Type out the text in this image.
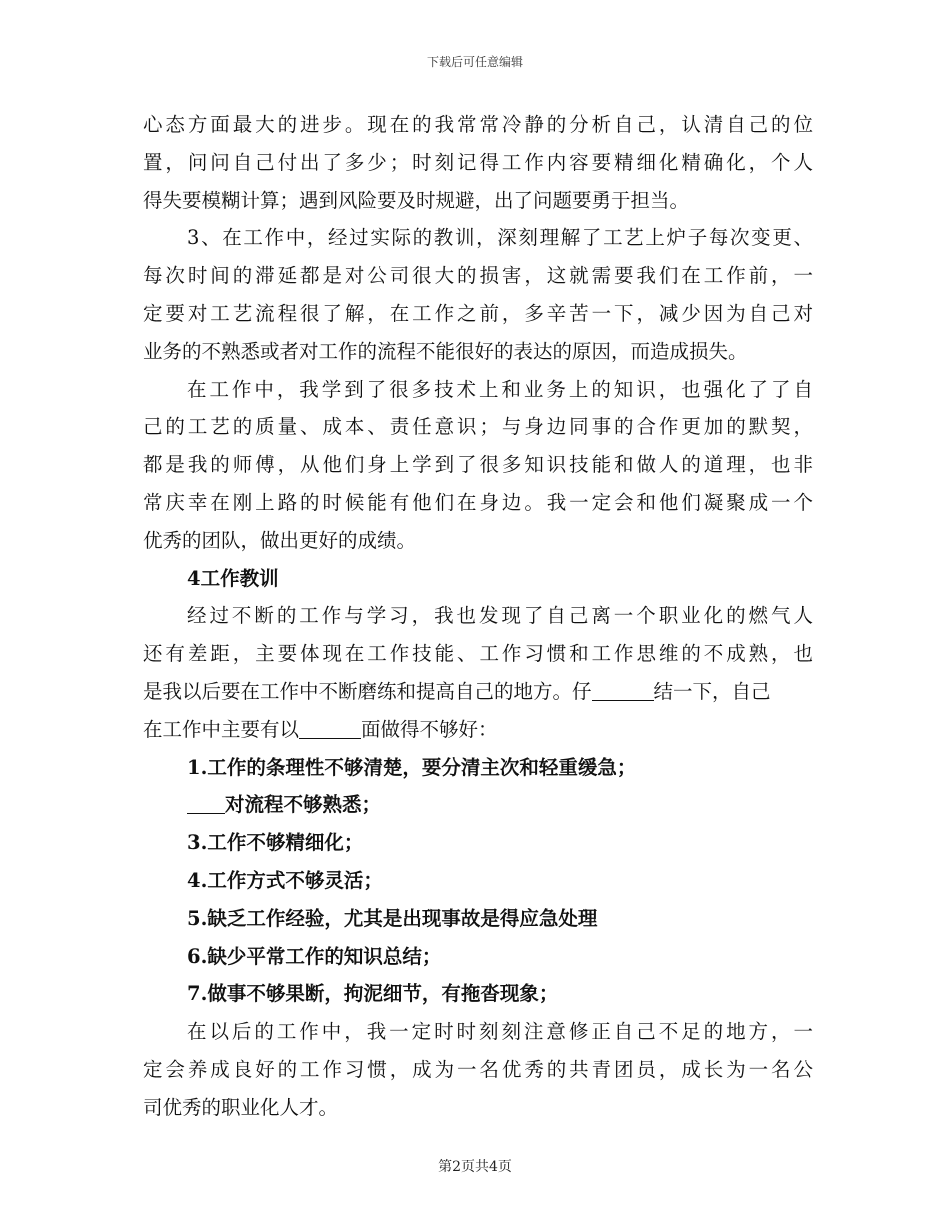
下载后可任意编辑
心态方面最大的进步。现在的我常常冷静的分析自己，认清自己的位
置，问问自己付出了多少；时刻记得工作内容要精细化精确化，个人
得失要模糊计算；遇到风险要及时规避，出了问题要勇于担当。
3、在工作中，经过实际的教训，深刻理解了工艺上炉子每次变更、
每次时间的滞延都是对公司很大的损害，这就需要我们在工作前，一
定要对工艺流程很了解，在工作之前，多辛苦一下，减少因为自己对
业务的不熟悉或者对工作的流程不能很好的表达的原因，而造成损失。
在工作中，我学到了很多技术上和业务上的知识，也强化了了自
己的工艺的质量、成本、责任意识；与身边同事的合作更加的默契，
都是我的师傅，从他们身上学到了很多知识技能和做人的道理，也非
常庆幸在刚上路的时候能有他们在身边。我一定会和他们凝聚成一个
优秀的团队，做出更好的成绩。
4工作教训
经过不断的工作与学习，我也发现了自己离一个职业化的燃气人
还有差距，主要体现在工作技能、工作习惯和工作思维的不成熟，也
是我以后要在工作中不断磨练和提高自己的地方。仔	结一下，自己
在工作中主要有以	面做得不够好：
1.工作的条理性不够清楚，要分清主次和轻重缓急；
对流程不够熟悉；
3.工作不够精细化；
4.工作方式不够灵活；
5.缺乏工作经验，尤其是出现事故是得应急处理
6.缺少平常工作的知识总结；
7.做事不够果断，拘泥细节，有拖沓现象；
在以后的工作中，我一定时时刻刻注意修正自己不足的地方，一
定会养成良好的工作习惯，成为一名优秀的共青团员，成长为一名公
司优秀的职业化人才。
第2页共4页
